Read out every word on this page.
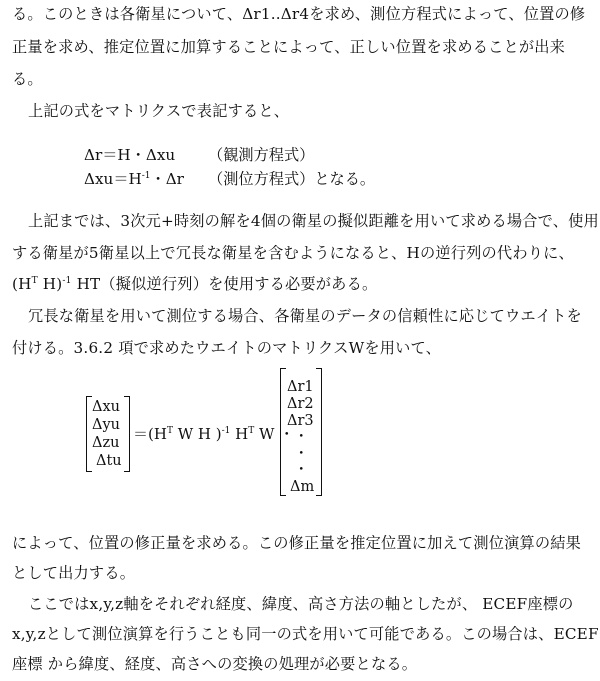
る。このときは各衛星について、Δr1..Δr4を求め、測位方程式によって、位置の修
正量を求め、推定位置に加算することによって、正しい位置を求めることが出来
る。
上記の式をマトリクスで表記すると、
Δr＝H・Δxu （観測方程式）
$\Delta xu=H^{-1}$・Δr （測位方程式）となる。
上記までは、3次元+時刻の解を4個の衛星の擬似距離を用いて求める場合で、使用
する衛星が5衛星以上で冗長な衛星を含むようになると、Hの逆行列の代わりに、
($H^T$ H)$^{-1}$ HT（擬似逆行列）を使用する必要がある。
冗長な衛星を用いて測位する場合、各衛星のデータの信頼性に応じてウエイトを
付ける。3.6.2 項で求めたウエイトのマトリクスWを用いて、
Δxu
Δyu
Δzu
Δtu
$=(H^T$ W H )$^{-1}$ $H^T$ W ・
Δr1
Δr2
Δr3
・
・
・
Δm
によって、位置の修正量を求める。この修正量を推定位置に加えて測位演算の結果
として出力する。
ここではx,y,z軸をそれぞれ経度、緯度、高さ方法の軸としたが、 ECEF座標の
x,y,zとして測位演算を行うことも同一の式を用いて可能である。この場合は、ECEF
座標 から緯度、経度、高さへの変換の処理が必要となる。
